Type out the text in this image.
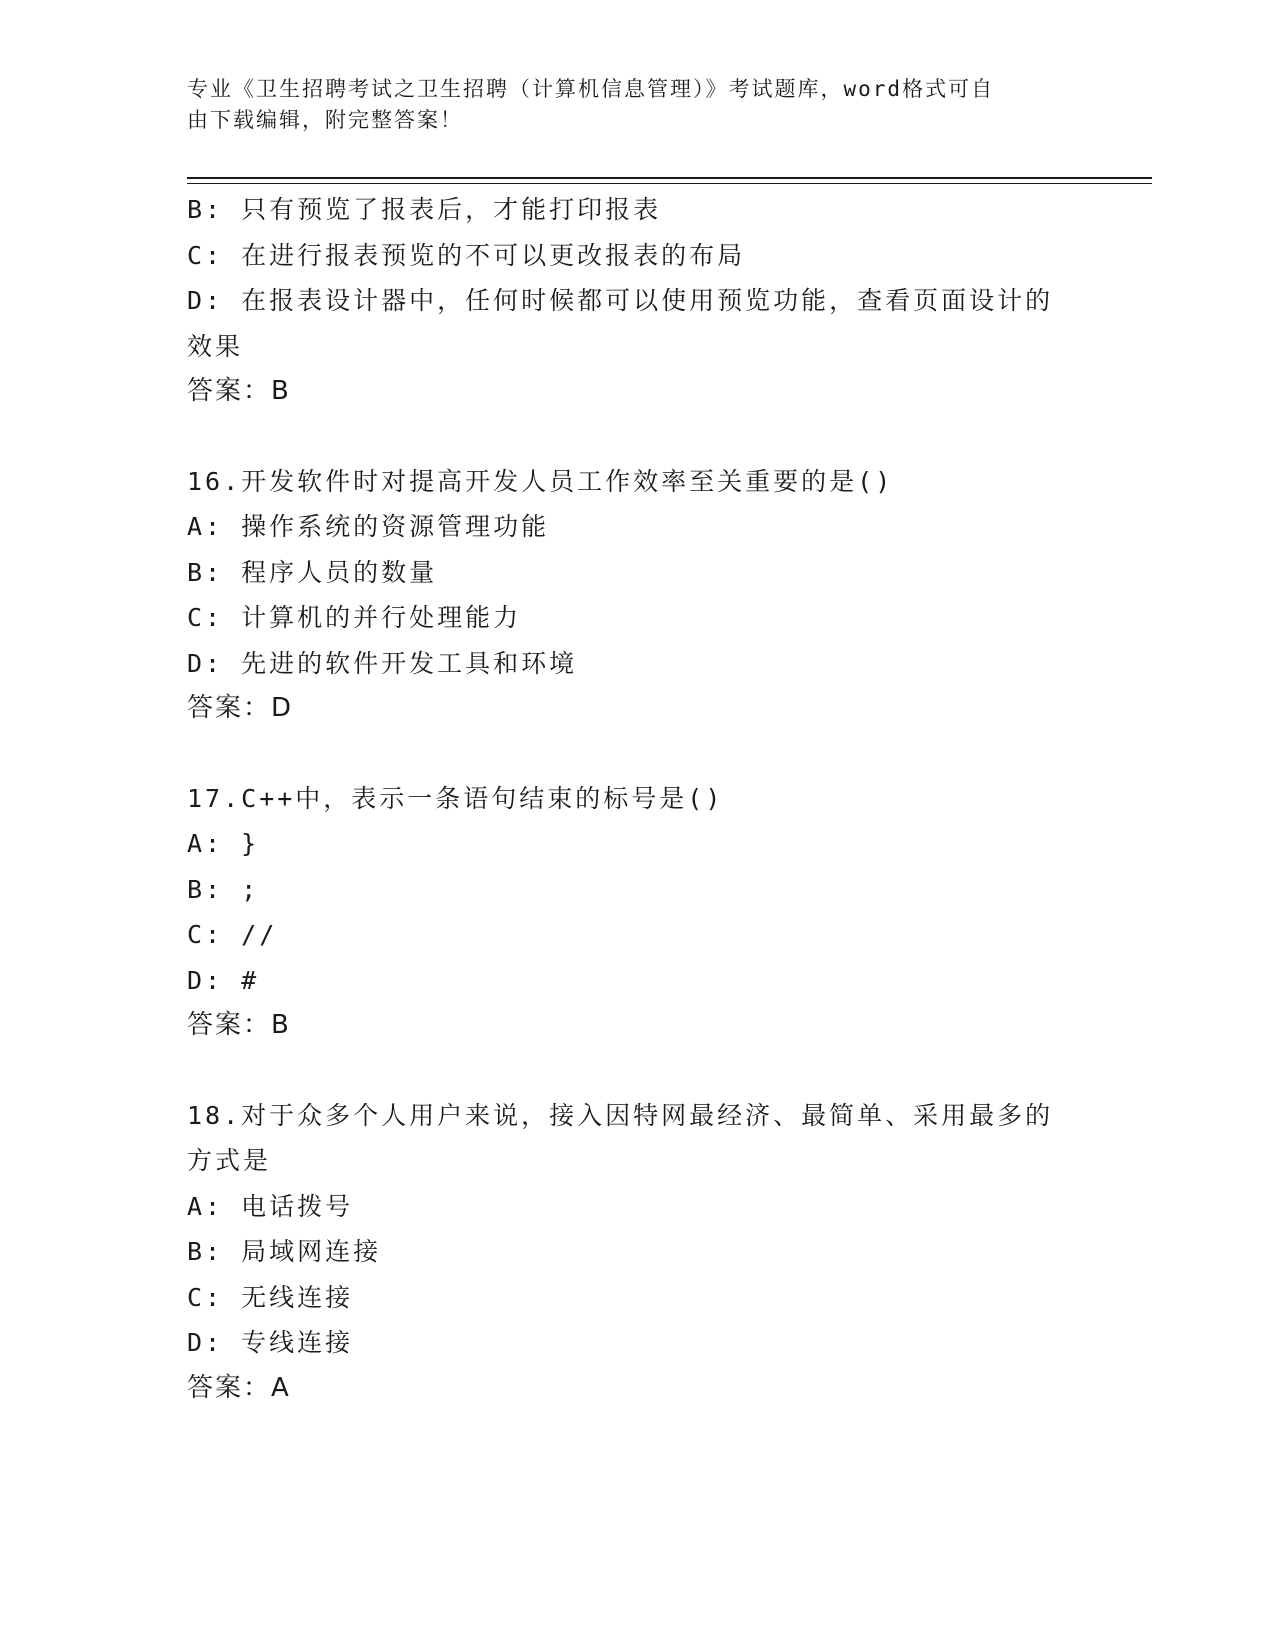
专业《卫生招聘考试之卫生招聘（计算机信息管理）》考试题库，word格式可自
由下载编辑，附完整答案！
B: 只有预览了报表后，才能打印报表
C: 在进行报表预览的不可以更改报表的布局
D: 在报表设计器中，任何时候都可以使用预览功能，查看页面设计的
效果
答案：B
16.开发软件时对提高开发人员工作效率至关重要的是()
A: 操作系统的资源管理功能
B: 程序人员的数量
C: 计算机的并行处理能力
D: 先进的软件开发工具和环境
答案：D
17.C++中，表示一条语句结束的标号是()
A: }
B: ;
C: //
D: #
答案：B
18.对于众多个人用户来说，接入因特网最经济、最简单、采用最多的
方式是
A: 电话拨号
B: 局域网连接
C: 无线连接
D: 专线连接
答案：A
